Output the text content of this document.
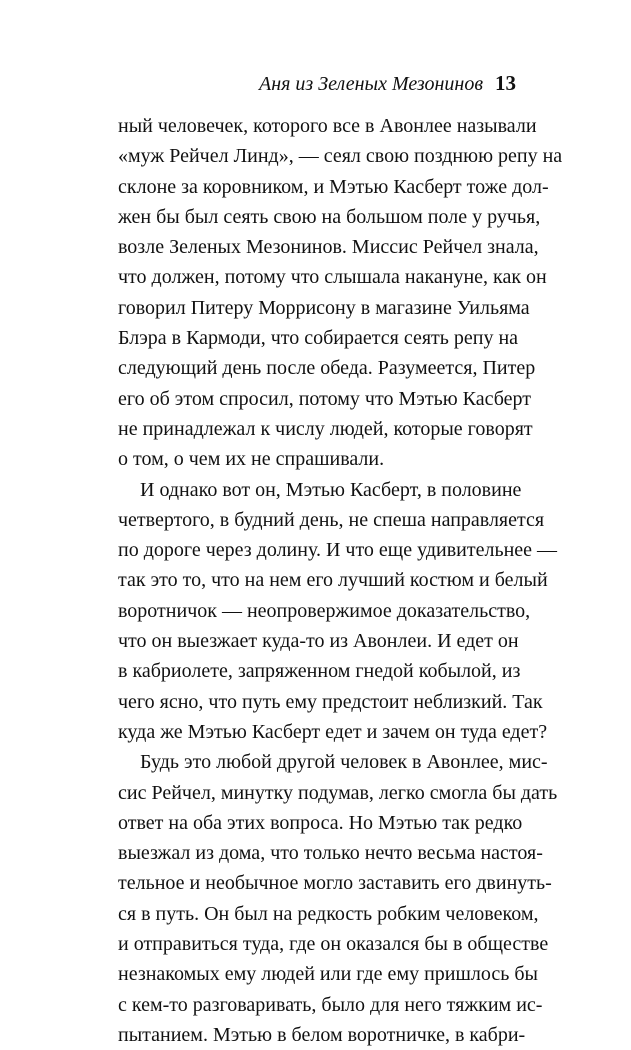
Аня из Зеленых Мезонинов 13
ный человечек, которого все в Авонлее называли
«муж Рейчел Линд», — сеял свою позднюю репу на
склоне за коровником, и Мэтью Касберт тоже дол-
жен бы был сеять свою на большом поле у ручья,
возле Зеленых Мезонинов. Миссис Рейчел знала,
что должен, потому что слышала накануне, как он
говорил Питеру Моррисону в магазине Уильяма
Блэра в Кармоди, что собирается сеять репу на
следующий день после обеда. Разумеется, Питер
его об этом спросил, потому что Мэтью Касберт
не принадлежал к числу людей, которые говорят
о том, о чем их не спрашивали.
И однако вот он, Мэтью Касберт, в половине
четвертого, в будний день, не спеша направляется
по дороге через долину. И что еще удивительнее —
так это то, что на нем его лучший костюм и белый
воротничок — неопровержимое доказательство,
что он выезжает куда-то из Авонлеи. И едет он
в кабриолете, запряженном гнедой кобылой, из
чего ясно, что путь ему предстоит неблизкий. Так
куда же Мэтью Касберт едет и зачем он туда едет?
Будь это любой другой человек в Авонлее, мис-
сис Рейчел, минутку подумав, легко смогла бы дать
ответ на оба этих вопроса. Но Мэтью так редко
выезжал из дома, что только нечто весьма настоя-
тельное и необычное могло заставить его двинуть-
ся в путь. Он был на редкость робким человеком,
и отправиться туда, где он оказался бы в обществе
незнакомых ему людей или где ему пришлось бы
с кем-то разговаривать, было для него тяжким ис-
пытанием. Мэтью в белом воротничке, в кабри-
